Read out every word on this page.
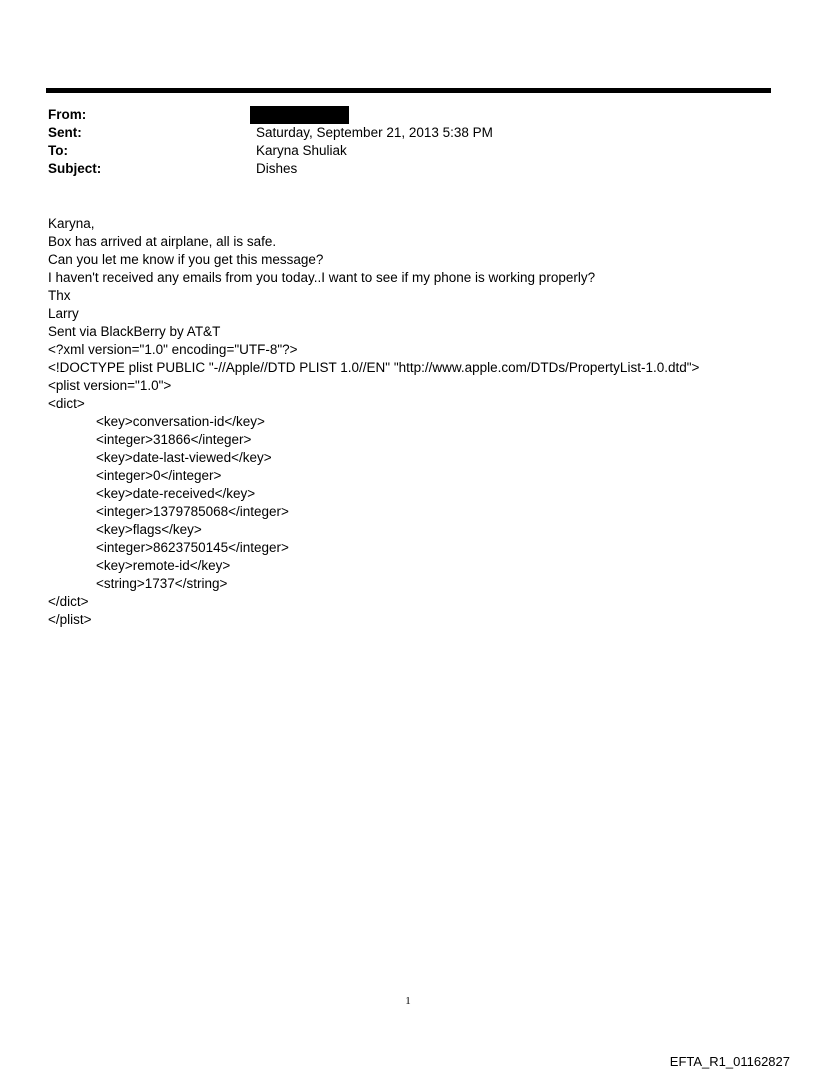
From:
Sent:	Saturday, September 21, 2013 5:38 PM
To:	Karyna Shuliak
Subject:	Dishes
Karyna,
Box has arrived at airplane, all is safe.
Can you let me know if you get this message?
I haven't received any emails from you today..I want to see if my phone is working properly?
Thx
Larry
Sent via BlackBerry by AT&T
<?xml version="1.0" encoding="UTF-8"?>
<!DOCTYPE plist PUBLIC "-//Apple//DTD PLIST 1.0//EN" "http://www.apple.com/DTDs/PropertyList-1.0.dtd">
<plist version="1.0">
<dict>
<key>conversation-id</key>
<integer>31866</integer>
<key>date-last-viewed</key>
<integer>0</integer>
<key>date-received</key>
<integer>1379785068</integer>
<key>flags</key>
<integer>8623750145</integer>
<key>remote-id</key>
<string>1737</string>
</dict>
</plist>
1
EFTA_R1_01162827
